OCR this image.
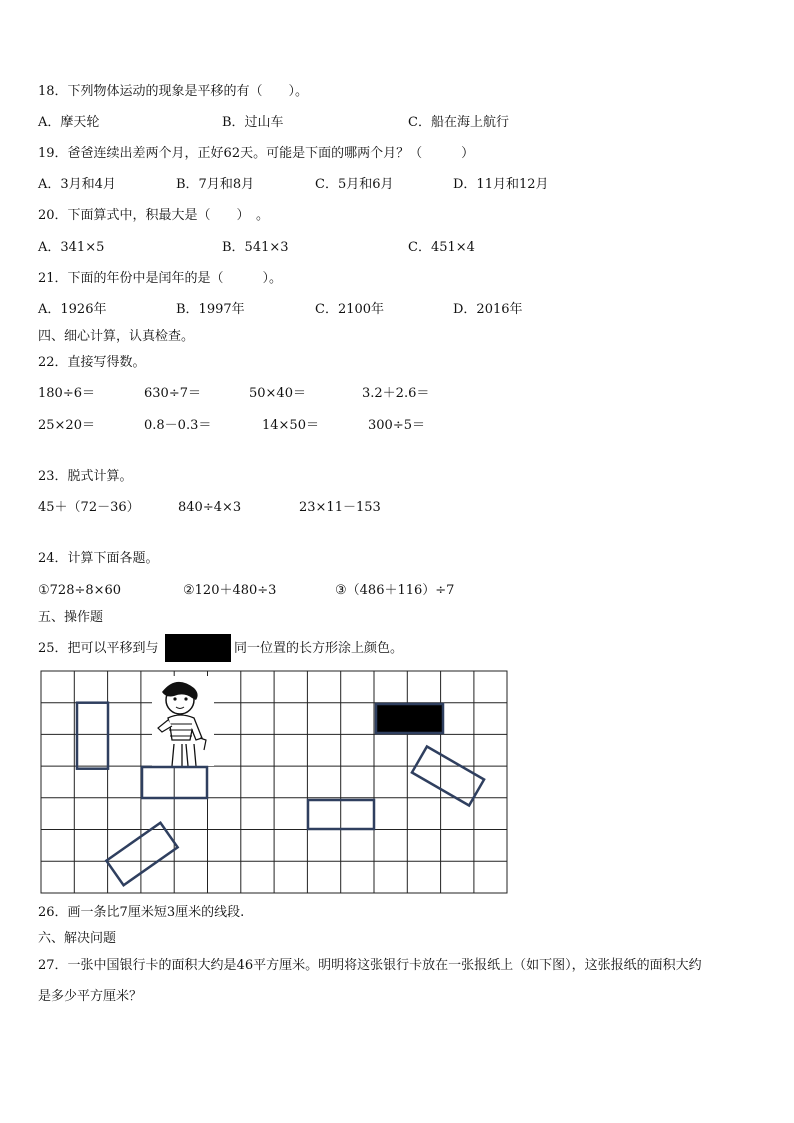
18．下列物体运动的现象是平移的有（　　）。
A．摩天轮	B．过山车	C．船在海上航行
19．爸爸连续出差两个月，正好62天。可能是下面的哪两个月？（　　　）
A．3月和4月	B．7月和8月	C．5月和6月	D．11月和12月
20．下面算式中，积最大是（　　）　。
A．341×5	B．541×3	C．451×4
21．下面的年份中是闰年的是（　　　）。
A．1926年	B．1997年	C．2100年	D．2016年
四、细心计算，认真检查。
22．直接写得数。
180÷6＝	630÷7＝	50×40＝	3.2＋2.6＝
25×20＝	0.8－0.3＝	14×50＝	300÷5＝
23．脱式计算。
45＋（72－36）	840÷4×3	23×11－153
24．计算下面各题。
①728÷8×60	②120＋480÷3	③（486＋116）÷7
五、操作题
25．把可以平移到与	同一位置的长方形涂上颜色。
26．画一条比7厘米短3厘米的线段.
六、解决问题
27．一张中国银行卡的面积大约是46平方厘米。明明将这张银行卡放在一张报纸上（如下图），这张报纸的面积大约
是多少平方厘米？
